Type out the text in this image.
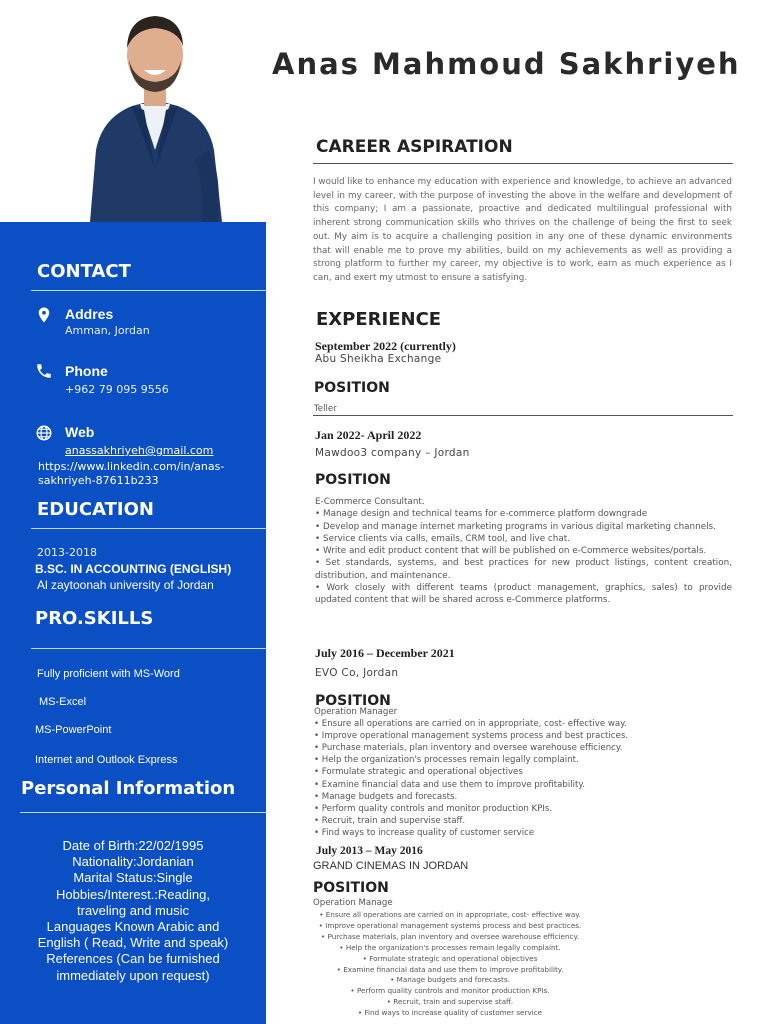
Anas Mahmoud Sakhriyeh
CONTACT
Addres
Amman, Jordan
Phone
+962 79 095 9556
Web
anassakhriyeh@gmail.com
https://www.linkedin.com/in/anas-
sakhriyeh-87611b233
EDUCATION
2013-2018
B.SC. IN ACCOUNTING (ENGLISH)
Al zaytoonah university of Jordan
PRO.SKILLS
Fully proficient with MS-Word
MS-Excel
MS-PowerPoint
Internet and Outlook Express
Personal Information
Date of Birth:22/02/1995
Nationality:Jordanian
Marital Status:Single
Hobbies/Interest.:Reading,
traveling and music
Languages Known Arabic and
English ( Read, Write and speak)
References (Can be furnished
immediately upon request)
CAREER ASPIRATION
I would like to enhance my education with experience and knowledge, to achieve an advanced level in my career, with the purpose of investing the above in the welfare and development of this company; I am a passionate, proactive and dedicated multilingual professional with inherent strong communication skills who thrives on the challenge of being the first to seek out. My aim is to acquire a challenging position in any one of these dynamic environments that will enable me to prove my abilities, build on my achievements as well as providing a strong platform to further my career, my objective is to work, earn as much experience as I can, and exert my utmost to ensure a satisfying.
EXPERIENCE
September 2022 (currently)
Abu Sheikha Exchange
POSITION
Teller
Jan 2022- April 2022
Mawdoo3 company – Jordan
POSITION
E-Commerce Consultant.
• Manage design and technical teams for e-commerce platform downgrade
• Develop and manage internet marketing programs in various digital marketing channels.
• Service clients via calls, emails, CRM tool, and live chat.
• Write and edit product content that will be published on e-Commerce websites/portals.
• Set standards, systems, and best practices for new product listings, content creation, distribution, and maintenance.
• Work closely with different teams (product management, graphics, sales) to provide updated content that will be shared across e-Commerce platforms.
July 2016 – December 2021
EVO Co, Jordan
POSITION
Operation Manager
• Ensure all operations are carried on in appropriate, cost- effective way.
• Improve operational management systems process and best practices.
• Purchase materials, plan inventory and oversee warehouse efficiency.
• Help the organization's processes remain legally complaint.
• Formulate strategic and operational objectives
• Examine financial data and use them to improve profitability.
• Manage budgets and forecasts.
• Perform quality controls and monitor production KPIs.
• Recruit, train and supervise staff.
• Find ways to increase quality of customer service
July 2013 – May 2016
GRAND CINEMAS IN JORDAN
POSITION
Operation Manage
• Ensure all operations are carried on in appropriate, cost- effective way.
• Improve operational management systems process and best practices.
• Purchase materials, plan inventory and oversee warehouse efficiency.
• Help the organization's processes remain legally complaint.
• Formulate strategic and operational objectives
• Examine financial data and use them to improve profitability.
• Manage budgets and forecasts.
• Perform quality controls and monitor production KPIs.
• Recruit, train and supervise staff.
• Find ways to increase quality of customer service
